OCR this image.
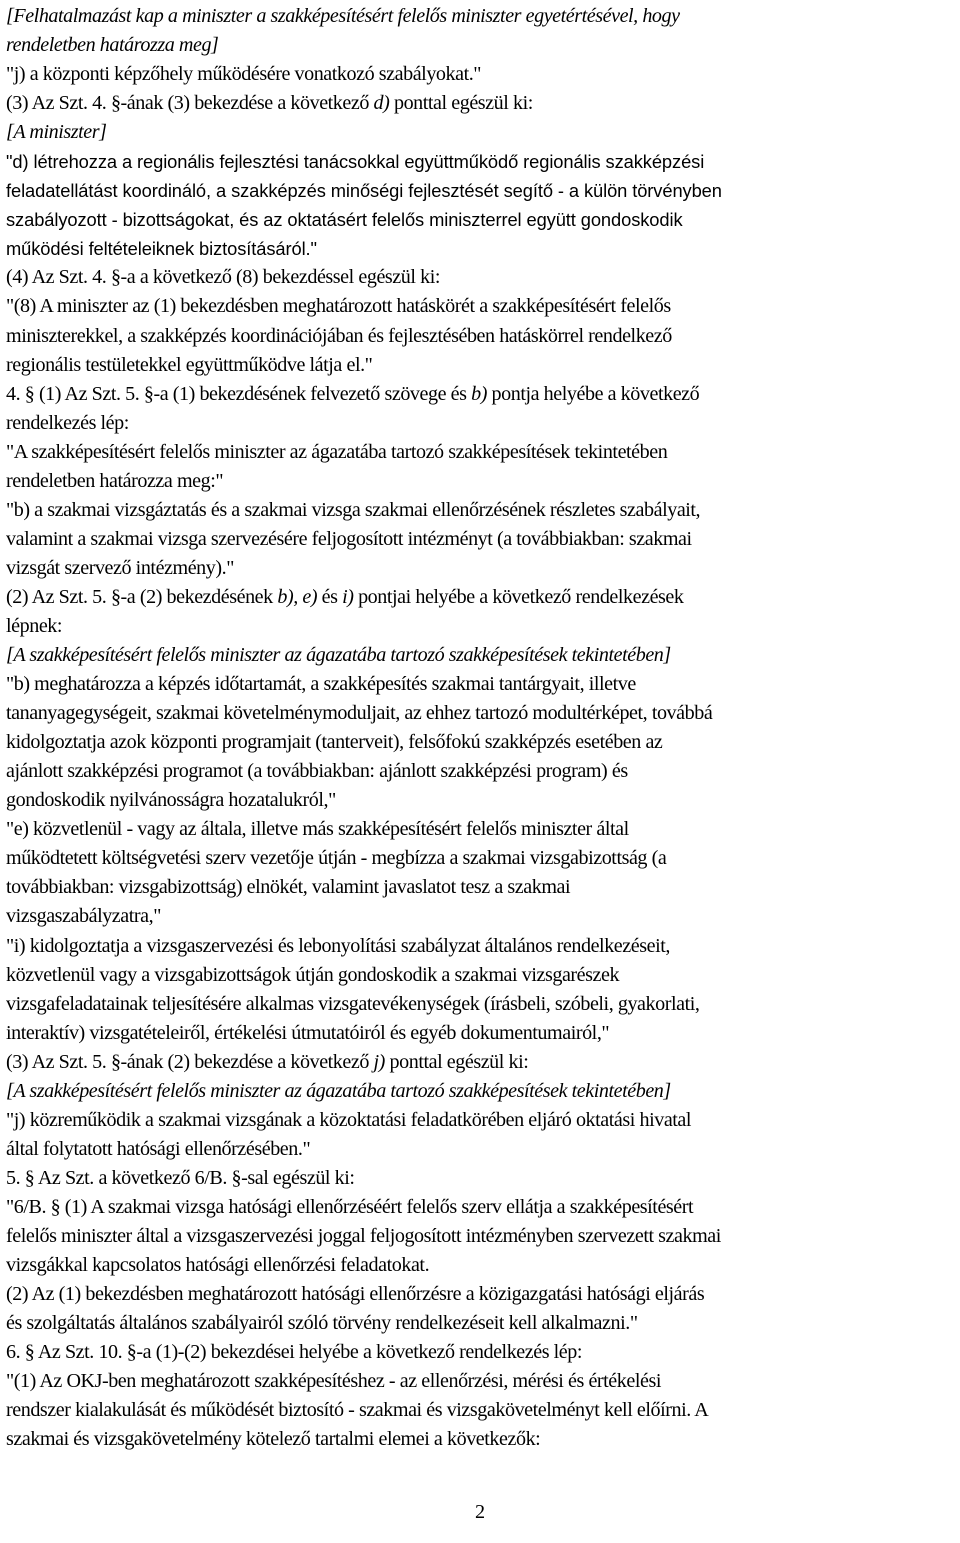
[Felhatalmazást kap a miniszter a szakképesítésért felelős miniszter egyetértésével, hogy
rendeletben határozza meg]
"j) a központi képzőhely működésére vonatkozó szabályokat."
(3) Az Szt. 4. §-ának (3) bekezdése a következő d) ponttal egészül ki:
[A miniszter]
"d) létrehozza a regionális fejlesztési tanácsokkal együttműködő regionális szakképzési
feladatellátást koordináló, a szakképzés minőségi fejlesztését segítő - a külön törvényben
szabályozott - bizottságokat, és az oktatásért felelős miniszterrel együtt gondoskodik
működési feltételeiknek biztosításáról."
(4) Az Szt. 4. §-a a következő (8) bekezdéssel egészül ki:
"(8) A miniszter az (1) bekezdésben meghatározott hatáskörét a szakképesítésért felelős
miniszterekkel, a szakképzés koordinációjában és fejlesztésében hatáskörrel rendelkező
regionális testületekkel együttműködve látja el."
4. § (1) Az Szt. 5. §-a (1) bekezdésének felvezető szövege és b) pontja helyébe a következő
rendelkezés lép:
"A szakképesítésért felelős miniszter az ágazatába tartozó szakképesítések tekintetében
rendeletben határozza meg:"
"b) a szakmai vizsgáztatás és a szakmai vizsga szakmai ellenőrzésének részletes szabályait,
valamint a szakmai vizsga szervezésére feljogosított intézményt (a továbbiakban: szakmai
vizsgát szervező intézmény)."
(2) Az Szt. 5. §-a (2) bekezdésének b), e) és i) pontjai helyébe a következő rendelkezések
lépnek:
[A szakképesítésért felelős miniszter az ágazatába tartozó szakképesítések tekintetében]
"b) meghatározza a képzés időtartamát, a szakképesítés szakmai tantárgyait, illetve
tananyagegységeit, szakmai követelménymoduljait, az ehhez tartozó modultérképet, továbbá
kidolgoztatja azok központi programjait (tanterveit), felsőfokú szakképzés esetében az
ajánlott szakképzési programot (a továbbiakban: ajánlott szakképzési program) és
gondoskodik nyilvánosságra hozatalukról,"
"e) közvetlenül - vagy az általa, illetve más szakképesítésért felelős miniszter által
működtetett költségvetési szerv vezetője útján - megbízza a szakmai vizsgabizottság (a
továbbiakban: vizsgabizottság) elnökét, valamint javaslatot tesz a szakmai
vizsgaszabályzatra,"
"i) kidolgoztatja a vizsgaszervezési és lebonyolítási szabályzat általános rendelkezéseit,
közvetlenül vagy a vizsgabizottságok útján gondoskodik a szakmai vizsgarészek
vizsgafeladatainak teljesítésére alkalmas vizsgatevékenységek (írásbeli, szóbeli, gyakorlati,
interaktív) vizsgatételeiről, értékelési útmutatóiról és egyéb dokumentumairól,"
(3) Az Szt. 5. §-ának (2) bekezdése a következő j) ponttal egészül ki:
[A szakképesítésért felelős miniszter az ágazatába tartozó szakképesítések tekintetében]
"j) közreműködik a szakmai vizsgának a közoktatási feladatkörében eljáró oktatási hivatal
által folytatott hatósági ellenőrzésében."
5. § Az Szt. a következő 6/B. §-sal egészül ki:
"6/B. § (1) A szakmai vizsga hatósági ellenőrzéséért felelős szerv ellátja a szakképesítésért
felelős miniszter által a vizsgaszervezési joggal feljogosított intézményben szervezett szakmai
vizsgákkal kapcsolatos hatósági ellenőrzési feladatokat.
(2) Az (1) bekezdésben meghatározott hatósági ellenőrzésre a közigazgatási hatósági eljárás
és szolgáltatás általános szabályairól szóló törvény rendelkezéseit kell alkalmazni."
6. § Az Szt. 10. §-a (1)-(2) bekezdései helyébe a következő rendelkezés lép:
"(1) Az OKJ-ben meghatározott szakképesítéshez - az ellenőrzési, mérési és értékelési
rendszer kialakulását és működését biztosító - szakmai és vizsgakövetelményt kell előírni. A
szakmai és vizsgakövetelmény kötelező tartalmi elemei a következők:
2
